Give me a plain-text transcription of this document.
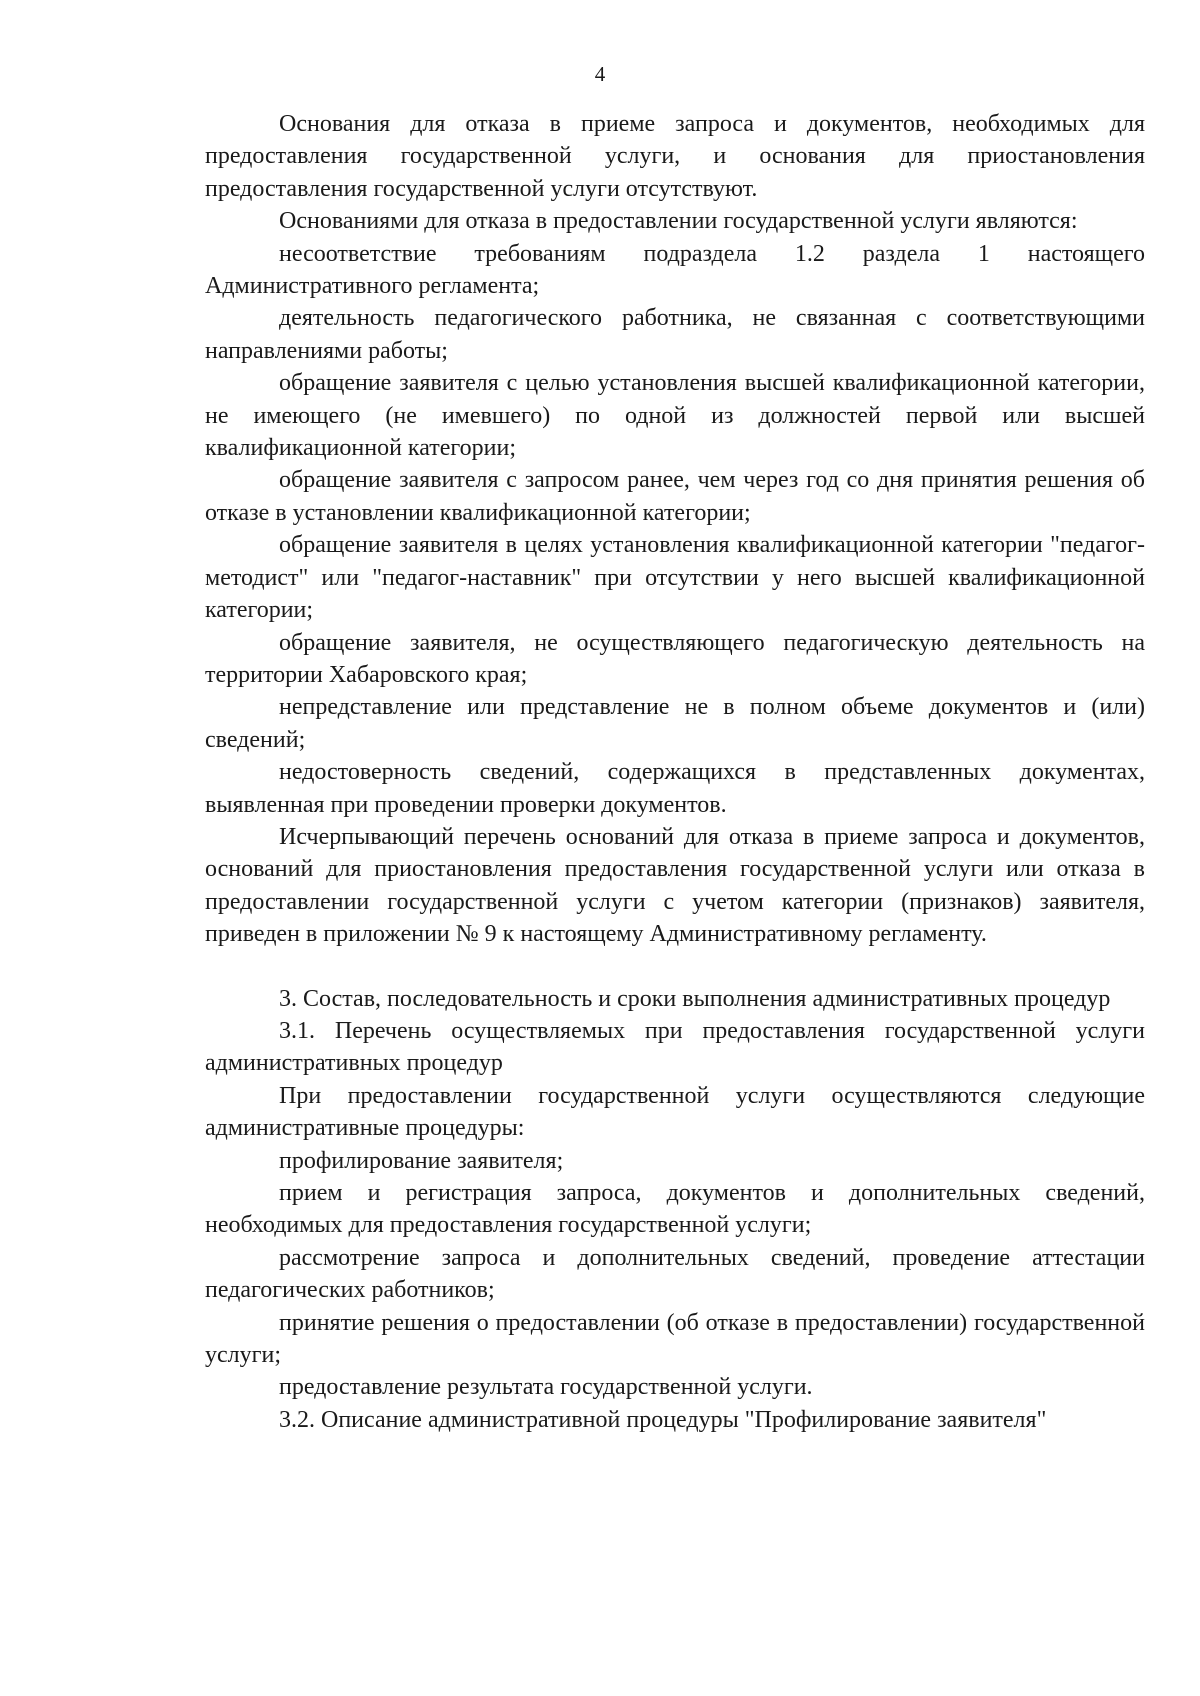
4

Основания для отказа в приеме запроса и документов, необходимых для предоставления государственной услуги, и основания для приостановления предоставления государственной услуги отсутствуют.

Основаниями для отказа в предоставлении государственной услуги являются:

несоответствие требованиям подраздела 1.2 раздела 1 настоящего Административного регламента;

деятельность педагогического работника, не связанная с соответствующими направлениями работы;

обращение заявителя с целью установления высшей квалификационной категории, не имеющего (не имевшего) по одной из должностей первой или высшей квалификационной категории;

обращение заявителя с запросом ранее, чем через год со дня принятия решения об отказе в установлении квалификационной категории;

обращение заявителя в целях установления квалификационной категории "педагог-методист" или "педагог-наставник" при отсутствии у него высшей квалификационной категории;

обращение заявителя, не осуществляющего педагогическую деятельность на территории Хабаровского края;

непредставление или представление не в полном объеме документов и (или) сведений;

недостоверность сведений, содержащихся в представленных документах, выявленная при проведении проверки документов.

Исчерпывающий перечень оснований для отказа в приеме запроса и документов, оснований для приостановления предоставления государственной услуги или отказа в предоставлении государственной услуги с учетом категории (признаков) заявителя, приведен в приложении № 9 к настоящему Административному регламенту.

3. Состав, последовательность и сроки выполнения административных процедур

3.1. Перечень осуществляемых при предоставления государственной услуги административных процедур

При предоставлении государственной услуги осуществляются следующие административные процедуры:

профилирование заявителя;

прием и регистрация запроса, документов и дополнительных сведений, необходимых для предоставления государственной услуги;

рассмотрение запроса и дополнительных сведений, проведение аттестации педагогических работников;

принятие решения о предоставлении (об отказе в предоставлении) государственной услуги;

предоставление результата государственной услуги.

3.2. Описание административной процедуры "Профилирование заявителя"
